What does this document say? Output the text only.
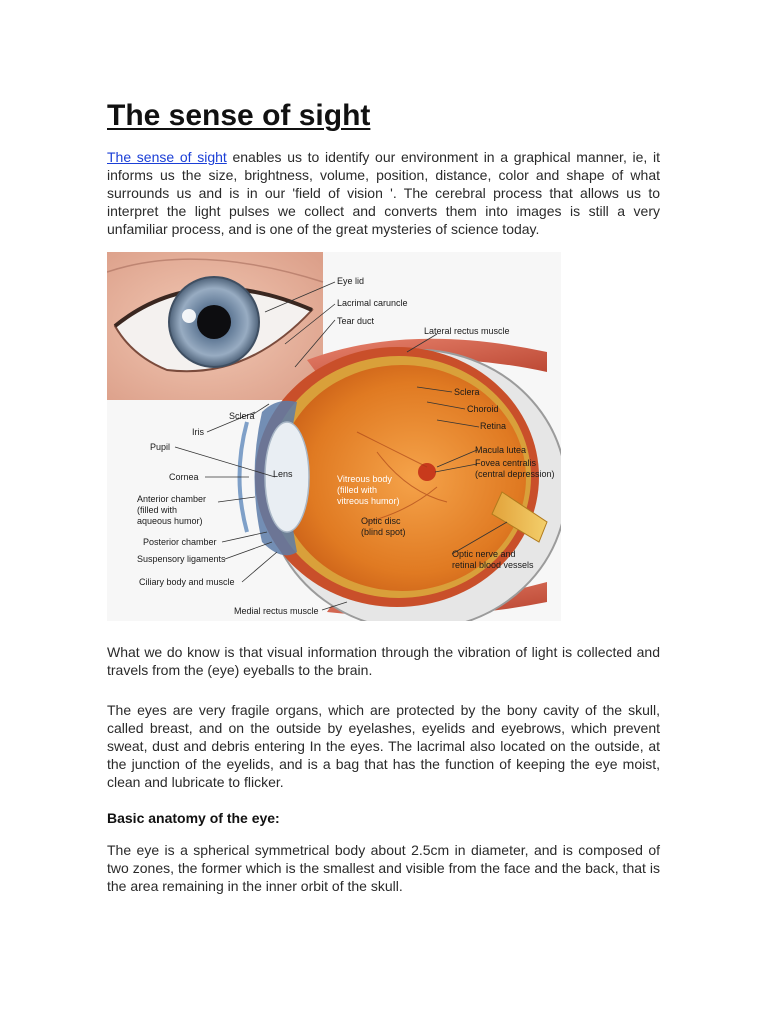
The sense of sight

The sense of sight enables us to identify our environment in a graphical manner, ie, it informs us the size, brightness, volume, position, distance, color and shape of what surrounds us and is in our 'field of vision '. The cerebral process that allows us to interpret the light pulses we collect and converts them into images is still a very unfamiliar process, and is one of the great mysteries of science today.

Eye lid
Lacrimal caruncle
Tear duct
Lateral rectus muscle
Sclera
Choroid
Retina
Macula lutea
Fovea centralis
(central depression)
Optic nerve and
retinal blood vessels
Sclera
Iris
Pupil
Cornea	Lens	Vitreous body
(filled with
vitreous humor)
Optic disc
(blind spot)
Anterior chamber
(filled with
aqueous humor)
Posterior chamber
Suspensory ligaments
Ciliary body and muscle
Medial rectus muscle

What we do know is that visual information through the vibration of light is collected and travels from the (eye) eyeballs to the brain.

The eyes are very fragile organs, which are protected by the bony cavity of the skull, called breast, and on the outside by eyelashes, eyelids and eyebrows, which prevent sweat, dust and debris entering In the eyes. The lacrimal also located on the outside, at the junction of the eyelids, and is a bag that has the function of keeping the eye moist, clean and lubricate to flicker.

Basic anatomy of the eye:

The eye is a spherical symmetrical body about 2.5cm in diameter, and is composed of two zones, the former which is the smallest and visible from the face and the back, that is the area remaining in the inner orbit of the skull.
